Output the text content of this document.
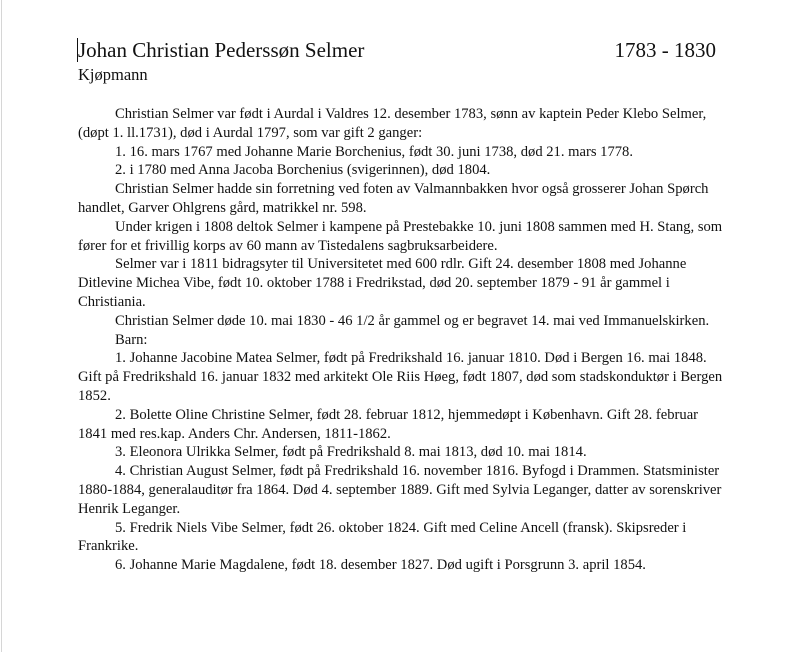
Johan Christian Pederssøn Selmer	1783 - 1830
Kjøpmann

Christian Selmer var født i Aurdal i Valdres 12. desember 1783, sønn av kaptein Peder Klebo Selmer, (døpt 1. ll.1731), død i Aurdal 1797, som var gift 2 ganger:

1. 16. mars 1767 med Johanne Marie Borchenius, født 30. juni 1738, død 21. mars 1778.

2. i 1780 med Anna Jacoba Borchenius (svigerinnen), død 1804.

Christian Selmer hadde sin forretning ved foten av Valmannbakken hvor også grosserer Johan Spørch handlet, Garver Ohlgrens gård, matrikkel nr. 598.

Under krigen i 1808 deltok Selmer i kampene på Prestebakke 10. juni 1808 sammen med H. Stang, som fører for et frivillig korps av 60 mann av Tistedalens sagbruksarbeidere.

Selmer var i 1811 bidragsyter til Universitetet med 600 rdlr. Gift 24. desember 1808 med Johanne Ditlevine Michea Vibe, født 10. oktober 1788 i Fredrikstad, død 20. september 1879 - 91 år gammel i Christiania.

Christian Selmer døde 10. mai 1830 - 46 1/2 år gammel og er begravet 14. mai ved Immanuelskirken.

Barn:

1. Johanne Jacobine Matea Selmer, født på Fredrikshald 16. januar 1810. Død i Bergen 16. mai 1848. Gift på Fredrikshald 16. januar 1832 med arkitekt Ole Riis Høeg, født 1807, død som stadskonduktør i Bergen 1852.

2. Bolette Oline Christine Selmer, født 28. februar 1812, hjemmedøpt i København. Gift 28. februar 1841 med res.kap. Anders Chr. Andersen, 1811-1862.

3. Eleonora Ulrikka Selmer, født på Fredrikshald 8. mai 1813, død 10. mai 1814.

4. Christian August Selmer, født på Fredrikshald 16. november 1816. Byfogd i Drammen. Statsminister 1880-1884, generalauditør fra 1864. Død 4. september 1889. Gift med Sylvia Leganger, datter av sorenskriver Henrik Leganger.

5. Fredrik Niels Vibe Selmer, født 26. oktober 1824. Gift med Celine Ancell (fransk). Skipsreder i Frankrike.

6. Johanne Marie Magdalene, født 18. desember 1827. Død ugift i Porsgrunn 3. april 1854.
